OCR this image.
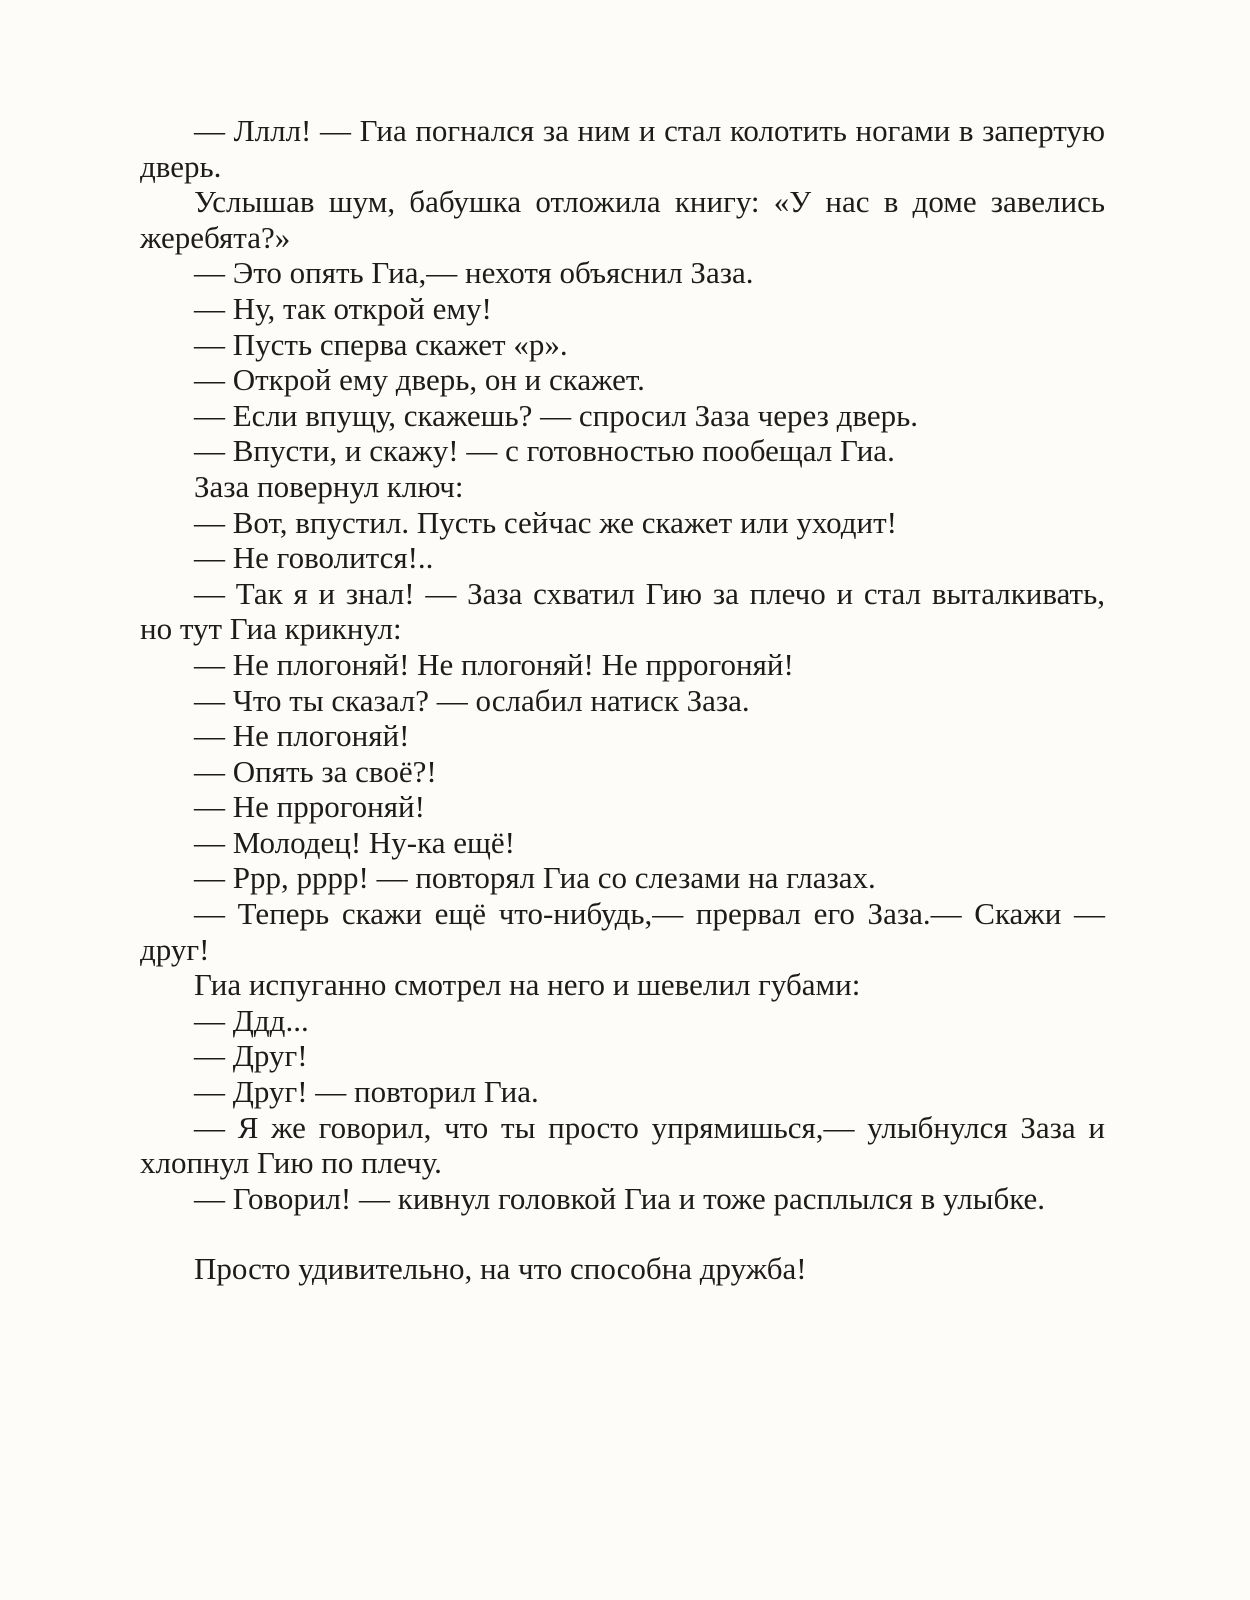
— Лллл! — Гиа погнался за ним и стал колотить ногами в запертую дверь.

Услышав шум, бабушка отложила книгу: «У нас в доме завелись жеребята?»

— Это опять Гиа,— нехотя объяснил Заза.

— Ну, так открой ему!

— Пусть сперва скажет «р».

— Открой ему дверь, он и скажет.

— Если впущу, скажешь? — спросил Заза через дверь.

— Впусти, и скажу! — с готовностью пообещал Гиа.

Заза повернул ключ:

— Вот, впустил. Пусть сейчас же скажет или уходит!

— Не говолится!..

— Так я и знал! — Заза схватил Гию за плечо и стал выталкивать, но тут Гиа крикнул:

— Не плогоняй! Не плогоняй! Не пррогоняй!

— Что ты сказал? — ослабил натиск Заза.

— Не плогоняй!

— Опять за своё?!

— Не пррогоняй!

— Молодец! Ну-ка ещё!

— Ррр, рррр! — повторял Гиа со слезами на глазах.

— Теперь скажи ещё что-нибудь,— прервал его Заза.— Скажи — друг!

Гиа испуганно смотрел на него и шевелил губами:

— Ддд...

— Друг!

— Друг! — повторил Гиа.

— Я же говорил, что ты просто упрямишься,— улыбнулся Заза и хлопнул Гию по плечу.

— Говорил! — кивнул головкой Гиа и тоже расплылся в улыбке.

Просто удивительно, на что способна дружба!
